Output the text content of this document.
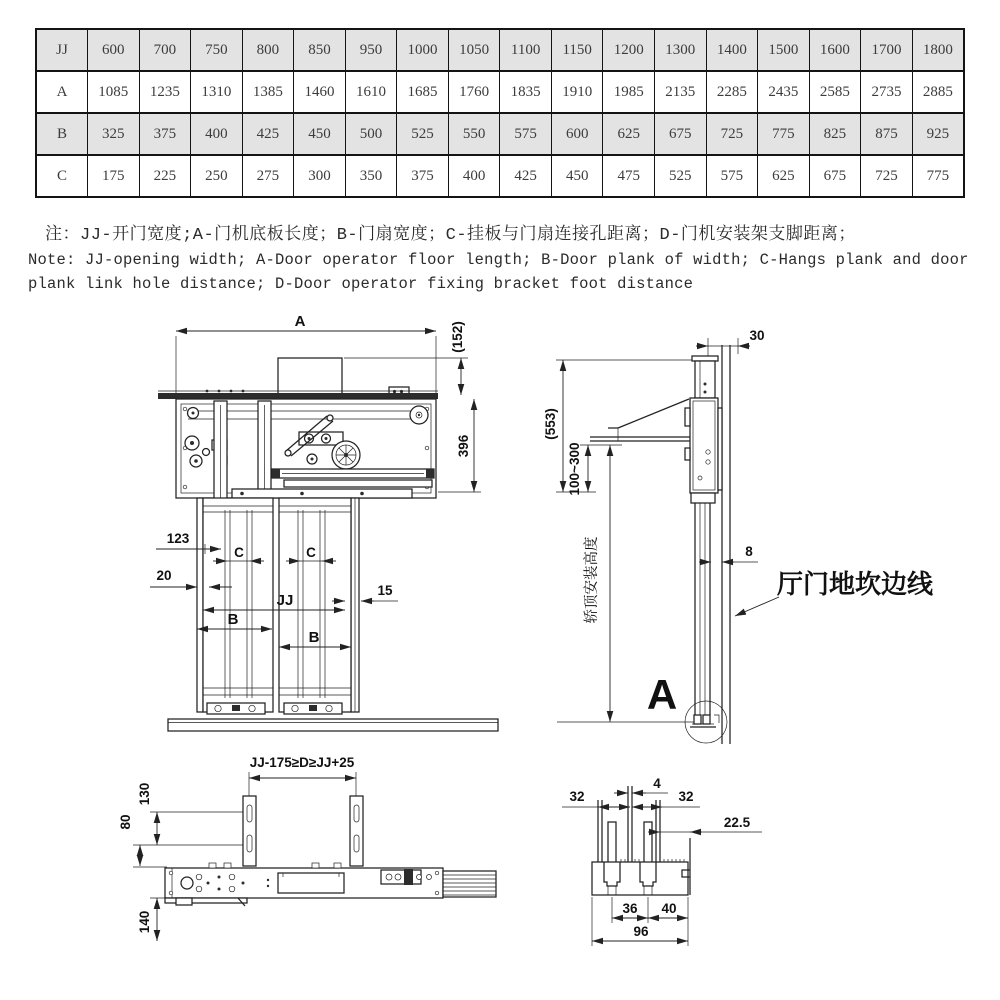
JJ	600	700	750	800	850	950	1000	1050	1100	1150	1200	1300	1400	1500	1600	1700	1800
A	1085	1235	1310	1385	1460	1610	1685	1760	1835	1910	1985	2135	2285	2435	2585	2735	2885
B	325	375	400	425	450	500	525	550	575	600	625	675	725	775	825	875	925
C	175	225	250	275	300	350	375	400	425	450	475	525	575	625	675	725	775
注：JJ-开门宽度;A-门机底板长度；B-门扇宽度；C-挂板与门扇连接孔距离；D-门机安装架支脚距离；
Note: JJ-opening width; A-Door operator floor length; B-Door plank of width; C-Hangs plank and door
plank link hole distance; D-Door operator fixing bracket foot distance
A	(152)
396
123
20
C	C
JJ
B
B
15
30
(553)
100~300
轿顶安装高度	8
厅门地坎边线
A
JJ-175≥D≥JJ+25
130
80
140
32	32
4
22.5
36 40
96
